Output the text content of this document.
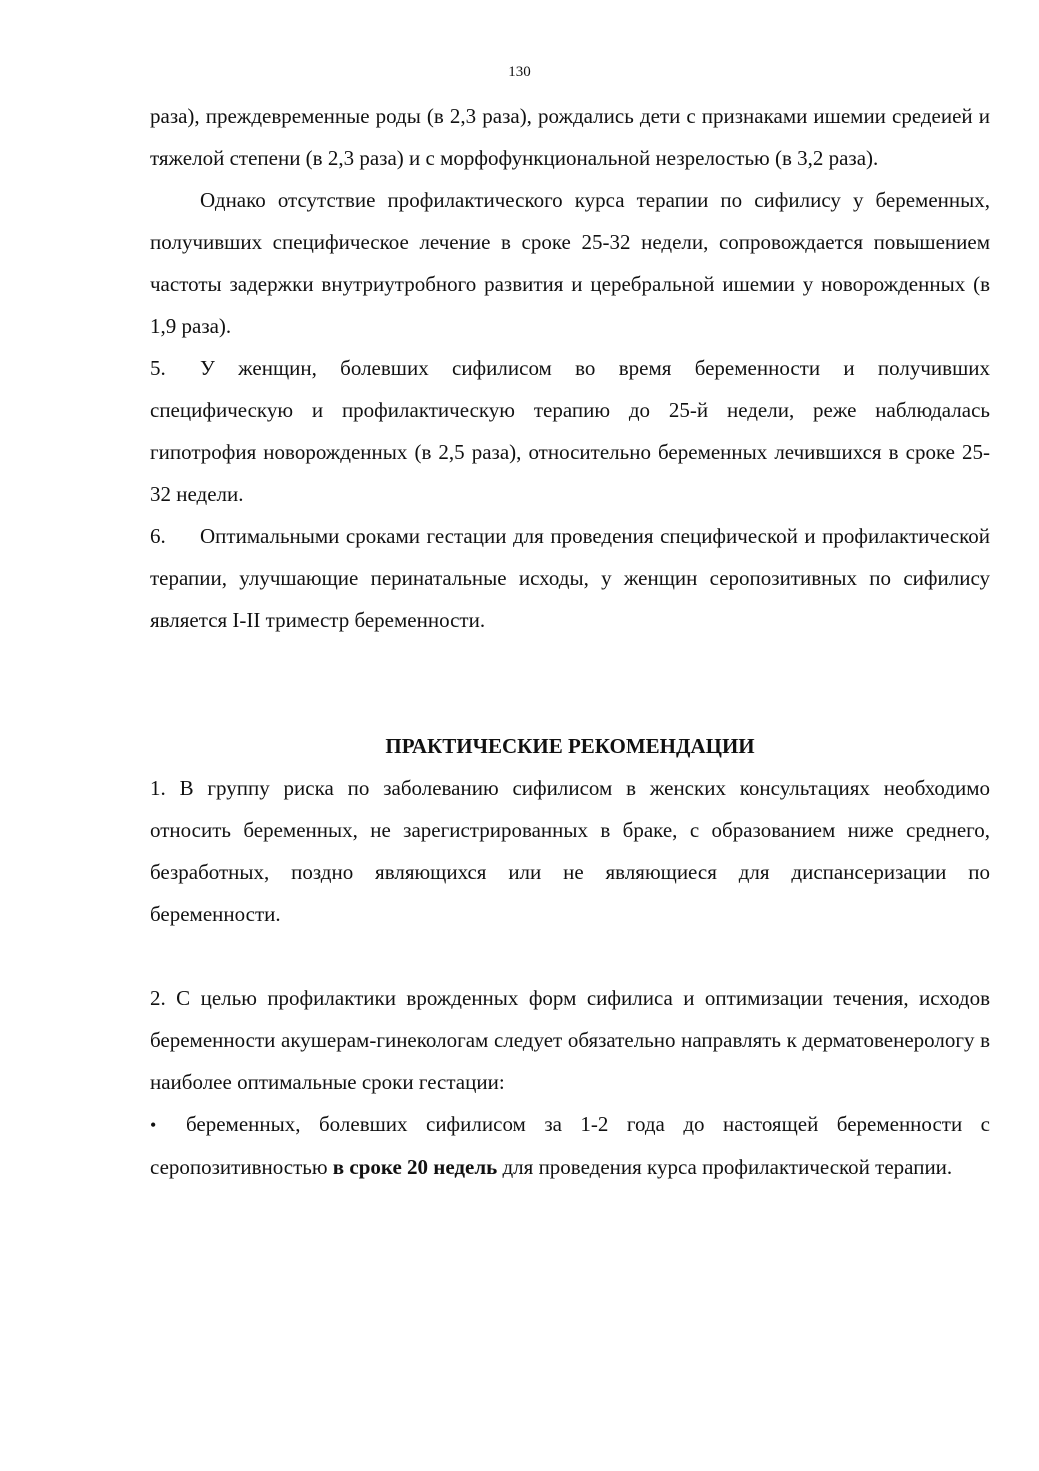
130

раза), преждевременные роды (в 2,3 раза), рождались дети с признаками ишемии средеией и тяжелой степени (в 2,3 раза) и с морфофункциональной незрелостью (в 3,2 раза).

Однако отсутствие профилактического курса терапии по сифилису у беременных, получивших специфическое лечение в сроке 25-32 недели, сопровождается повышением частоты задержки внутриутробного развития и церебральной ишемии у новорожденных (в 1,9 раза).

5. У женщин, болевших сифилисом во время беременности и получивших специфическую и профилактическую терапию до 25-й недели, реже наблюдалась гипотрофия новорожденных (в 2,5 раза), относительно беременных лечившихся в сроке 25-32 недели.

6. Оптимальными сроками гестации для проведения специфической и профилактической терапии, улучшающие перинатальные исходы, у женщин серопозитивных по сифилису является I-II триместр беременности.

ПРАКТИЧЕСКИЕ РЕКОМЕНДАЦИИ

1. В группу риска по заболеванию сифилисом в женских консультациях необходимо относить беременных, не зарегистрированных в браке, с образованием ниже среднего, безработных, поздно являющихся или не являющиеся для диспансеризации по беременности.

2. С целью профилактики врожденных форм сифилиса и оптимизации течения, исходов беременности акушерам-гинекологам следует обязательно направлять к дерматовенерологу в наиболее оптимальные сроки гестации:

• беременных, болевших сифилисом за 1-2 года до настоящей беременности с серопозитивностью в сроке 20 недель для проведения курса профилактической терапии.
